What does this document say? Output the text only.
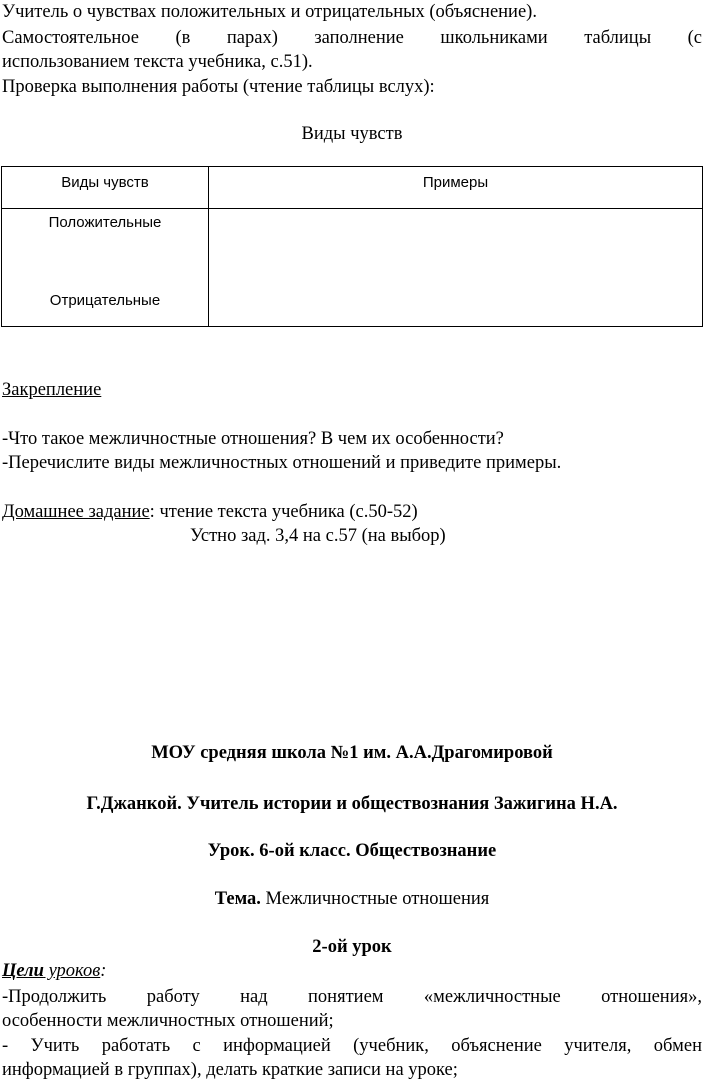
Учитель о чувствах положительных и отрицательных (объяснение).

Самостоятельное (в парах) заполнение школьниками таблицы (с

использованием текста учебника, с.51).

Проверка выполнения работы (чтение таблицы вслух):

Виды чувств

Виды чувств	Примеры

Положительные
Отрицательные	

Закрепление

-Что такое межличностные отношения? В чем их особенности?

-Перечислите виды межличностных отношений и приведите примеры.

Домашнее задание: чтение текста учебника (с.50-52)

Устно зад. 3,4 на с.57 (на выбор)

МОУ средняя школа №1 им. А.А.Драгомировой

Г.Джанкой. Учитель истории и обществознания Зажигина Н.А.

Урок. 6-ой класс. Обществознание

Тема. Межличностные отношения

2-ой урок

Цели уроков:

-Продолжить работу над понятием «межличностные отношения»,

особенности межличностных отношений;

- Учить работать с информацией (учебник, объяснение учителя, обмен

информацией в группах), делать краткие записи на уроке;
